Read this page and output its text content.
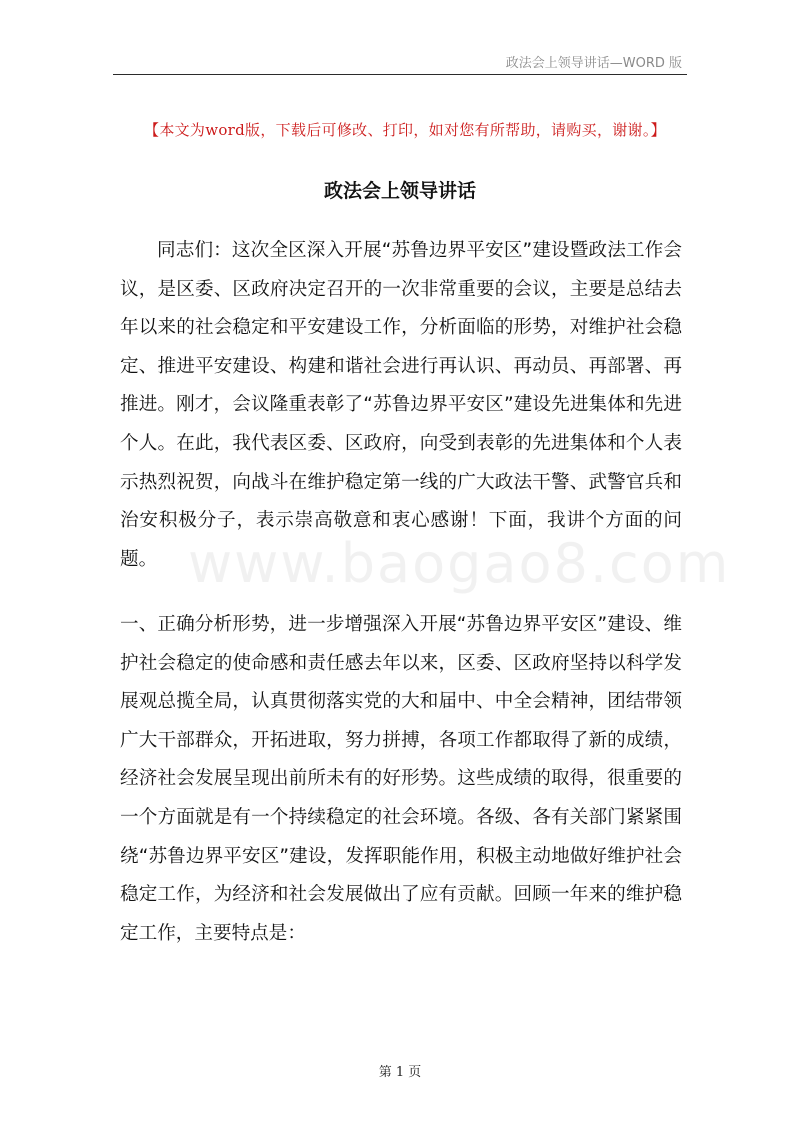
政法会上领导讲话—WORD 版
【本文为word版，下载后可修改、打印，如对您有所帮助，请购买，谢谢。】
政法会上领导讲话

同志们：这次全区深入开展“苏鲁边界平安区”建设暨政法工作会议，是区委、区政府决定召开的一次非常重要的会议，主要是总结去年以来的社会稳定和平安建设工作，分析面临的形势，对维护社会稳定、推进平安建设、构建和谐社会进行再认识、再动员、再部署、再推进。刚才，会议隆重表彰了“苏鲁边界平安区”建设先进集体和先进个人。在此，我代表区委、区政府，向受到表彰的先进集体和个人表示热烈祝贺，向战斗在维护稳定第一线的广大政法干警、武警官兵和治安积极分子，表示崇高敬意和衷心感谢！下面，我讲个方面的问题。 www.baogao8.com

一、正确分析形势，进一步增强深入开展“苏鲁边界平安区”建设、维护社会稳定的使命感和责任感去年以来，区委、区政府坚持以科学发展观总揽全局，认真贯彻落实党的大和届中、中全会精神，团结带领广大干部群众，开拓进取，努力拼搏，各项工作都取得了新的成绩，经济社会发展呈现出前所未有的好形势。这些成绩的取得，很重要的一个方面就是有一个持续稳定的社会环境。各级、各有关部门紧紧围绕“苏鲁边界平安区”建设，发挥职能作用，积极主动地做好维护社会稳定工作，为经济和社会发展做出了应有贡献。回顾一年来的维护稳定工作，主要特点是：

第 1 页
